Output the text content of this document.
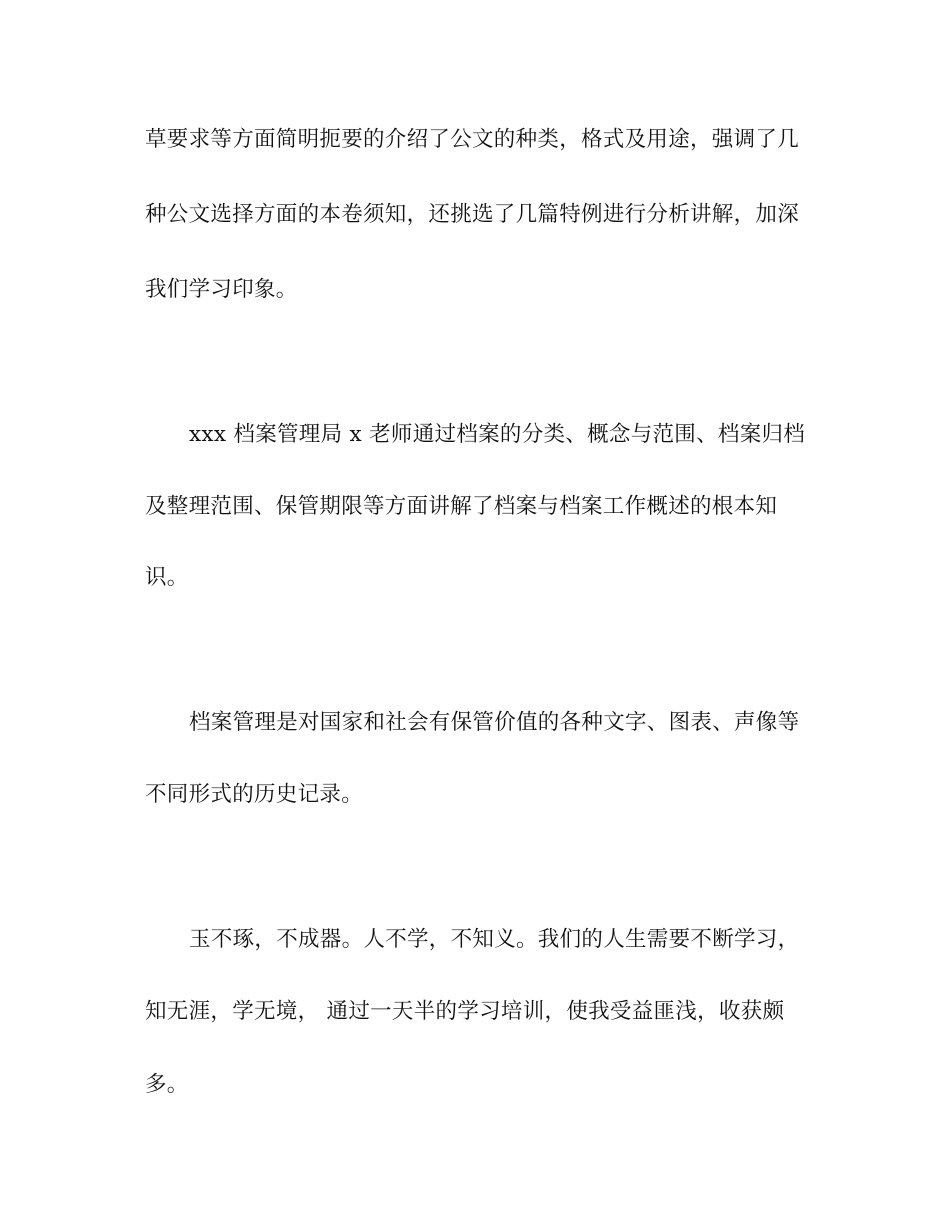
草要求等方面简明扼要的介绍了公文的种类，格式及用途，强调了几
种公文选择方面的本卷须知，还挑选了几篇特例进行分析讲解，加深
我们学习印象。
xxx 档案管理局 x 老师通过档案的分类、概念与范围、档案归档
及整理范围、保管期限等方面讲解了档案与档案工作概述的根本知
识。
档案管理是对国家和社会有保管价值的各种文字、图表、声像等
不同形式的历史记录。
玉不琢，不成器。人不学，不知义。我们的人生需要不断学习，
知无涯，学无境， 通过一天半的学习培训，使我受益匪浅，收获颇
多。
